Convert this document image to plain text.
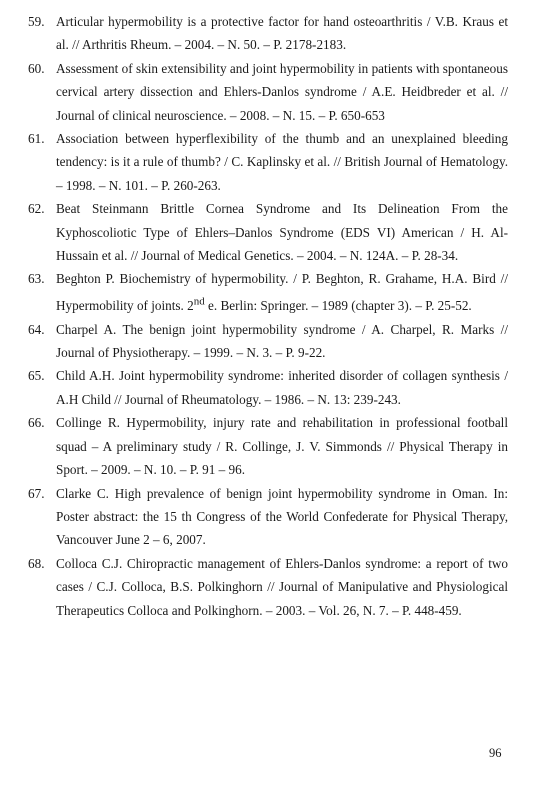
59. Articular hypermobility is a protective factor for hand osteoarthritis / V.B. Kraus et al. // Arthritis Rheum. – 2004. – N. 50. – P. 2178-2183.
60. Assessment of skin extensibility and joint hypermobility in patients with spontaneous cervical artery dissection and Ehlers-Danlos syndrome / A.E. Heidbreder et al. // Journal of clinical neuroscience. – 2008. – N. 15. – P. 650-653
61. Association between hyperflexibility of the thumb and an unexplained bleeding tendency: is it a rule of thumb? / C. Kaplinsky et al. // British Journal of Hematology. – 1998. – N. 101. – P. 260-263.
62. Beat Steinmann Brittle Cornea Syndrome and Its Delineation From the Kyphoscoliotic Type of Ehlers–Danlos Syndrome (EDS VI) American / H. Al-Hussain et al. // Journal of Medical Genetics. – 2004. – N. 124A. – P. 28-34.
63. Beghton P. Biochemistry of hypermobility. / P. Beghton, R. Grahame, H.A. Bird // Hypermobility of joints. 2nd e. Berlin: Springer. – 1989 (chapter 3). – P. 25-52.
64. Charpel A. The benign joint hypermobility syndrome / A. Charpel, R. Marks // Journal of Physiotherapy. – 1999. – N. 3. – P. 9-22.
65. Child A.H. Joint hypermobility syndrome: inherited disorder of collagen synthesis / A.H Child // Journal of Rheumatology. – 1986. – N. 13: 239-243.
66. Collinge R. Hypermobility, injury rate and rehabilitation in professional football squad – A preliminary study / R. Collinge, J. V. Simmonds // Physical Therapy in Sport. – 2009. – N. 10. – P. 91 – 96.
67. Clarke C. High prevalence of benign joint hypermobility syndrome in Oman. In: Poster abstract: the 15 th Congress of the World Confederate for Physical Therapy, Vancouver June 2 – 6, 2007.
68. Colloca C.J. Chiropractic management of Ehlers-Danlos syndrome: a report of two cases / C.J. Colloca, B.S. Polkinghorn // Journal of Manipulative and Physiological Therapeutics Colloca and Polkinghorn. – 2003. – Vol. 26, N. 7. – P. 448-459.
96
